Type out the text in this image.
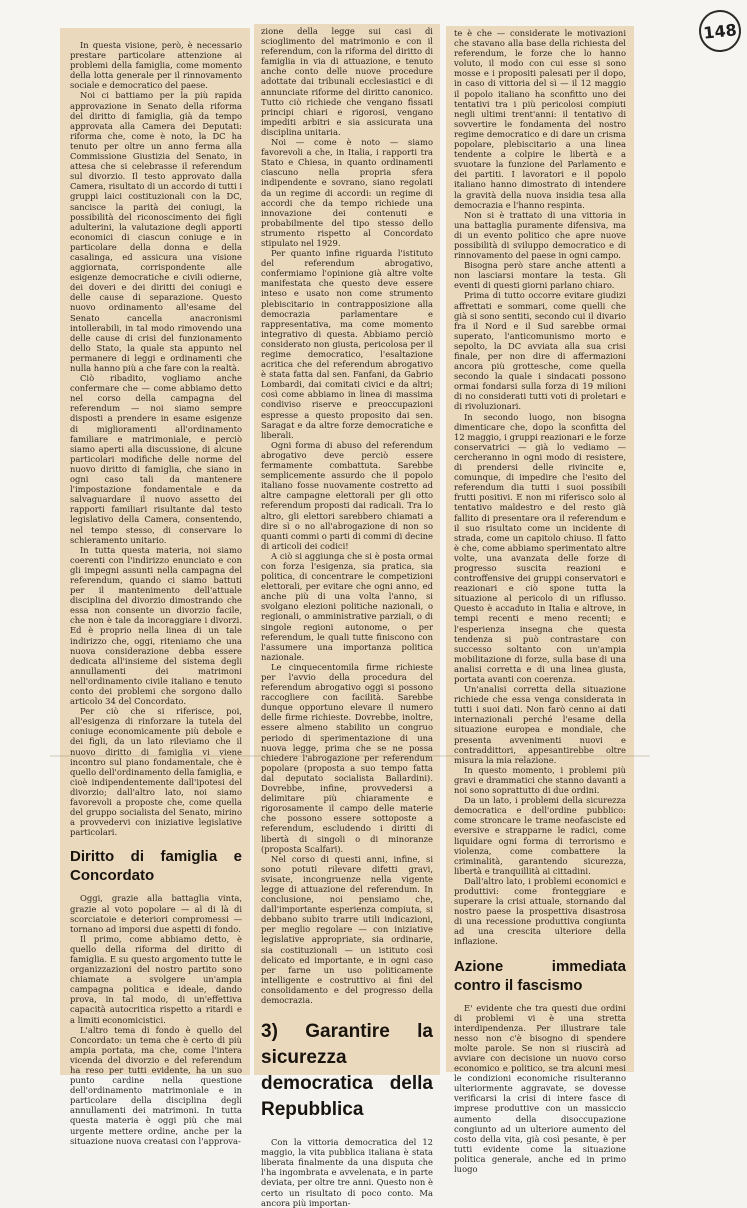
148

In questa visione, però, è necessario prestare particolare attenzione ai problemi della famiglia, come momento della lotta generale per il rinnovamento sociale e democratico del paese.

Noi ci battiamo per la più rapida approvazione in Senato della riforma del diritto di famiglia, già da tempo approvata alla Camera dei Deputati: riforma che, come è noto, la DC ha tenuto per oltre un anno ferma alla Commissione Giustizia del Senato, in attesa che si celebrasse il referendum sul divorzio. Il testo approvato dalla Camera, risultato di un accordo di tutti i gruppi laici costituzionali con la DC, sancisce la parità dei coniugi, la possibilità del riconoscimento dei figli adulterini, la valutazione degli apporti economici di ciascun coniuge e in particolare della donna e della casalinga, ed assicura una visione aggiornata, corrispondente alle esigenze democratiche e civili odierne, dei doveri e dei diritti dei coniugi e delle cause di separazione. Questo nuovo ordinamento all'esame del Senato cancella anacronismi intollerabili, in tal modo rimovendo una delle cause di crisi del funzionamento dello Stato, la quale sta appunto nel permanere di leggi e ordinamenti che nulla hanno più a che fare con la realtà.

Ciò ribadito, vogliamo anche confermare che — come abbiamo detto nel corso della campagna del referendum — noi siamo sempre disposti a prendere in esame esigenze di miglioramenti all'ordinamento familiare e matrimoniale, e perciò siamo aperti alla discussione, di alcune particolari modifiche delle norme del nuovo diritto di famiglia, che siano in ogni caso tali da mantenere l'impostazione fondamentale e da salvaguardare il nuovo assetto dei rapporti familiari risultante dal testo legislativo della Camera, consentendo, nel tempo stesso, di conservare lo schieramento unitario.

In tutta questa materia, noi siamo coerenti con l'indirizzo enunciato e con gli impegni assunti nella campagna del referendum, quando ci siamo battuti per il mantenimento dell'attuale disciplina del divorzio dimostrando che essa non consente un divorzio facile, che non è tale da incoraggiare i divorzi. Ed è proprio nella linea di un tale indirizzo che, oggi, riteniamo che una nuova considerazione debba essere dedicata all'insieme del sistema degli annullamenti dei matrimoni nell'ordinamento civile italiano e tenuto conto dei problemi che sorgono dallo articolo 34 del Concordato.

Per ciò che si riferisce, poi, all'esigenza di rinforzare la tutela del coniuge economicamente più debole e dei figli, da un lato rileviamo che il nuovo diritto di famiglia vi viene incontro sul piano fondamentale, che è quello dell'ordinamento della famiglia, e cioè indipendentemente dall'ipotesi del divorzio; dall'altro lato, noi siamo favorevoli a proposte che, come quella del gruppo socialista del Senato, mirino a provvedervi con iniziative legislative particolari.

Diritto di famiglia e Concordato

Oggi, grazie alla battaglia vinta, grazie al voto popolare — al di là di scorciatoie e deteriori compromessi — tornano ad imporsi due aspetti di fondo.

Il primo, come abbiamo detto, è quello della riforma del diritto di famiglia. E su questo argomento tutte le organizzazioni del nostro partito sono chiamate a svolgere un'ampia campagna politica e ideale, dando prova, in tal modo, di un'effettiva capacità autocritica rispetto a ritardi e a limiti economicistici.

L'altro tema di fondo è quello del Concordato: un tema che è certo di più ampia portata, ma che, come l'intera vicenda del divorzio e del referendum ha reso per tutti evidente, ha un suo punto cardine nella questione dell'ordinamento matrimoniale e in particolare della disciplina degli annullamenti dei matrimoni. In tutta questa materia è oggi più che mai urgente mettere ordine, anche per la situazione nuova creatasi con l'approva-

zione della legge sui casi di scioglimento del matrimonio e con il referendum, con la riforma del diritto di famiglia in via di attuazione, e tenuto anche conto delle nuove procedure adottate dai tribunali ecclesiastici e di annunciate riforme del diritto canonico. Tutto ciò richiede che vengano fissati principi chiari e rigorosi, vengano impediti arbitri e sia assicurata una disciplina unitaria.

Noi — come è noto — siamo favorevoli a che, in Italia, i rapporti tra Stato e Chiesa, in quanto ordinamenti ciascuno nella propria sfera indipendente e sovrano, siano regolati da un regime di accordi: un regime di accordi che da tempo richiede una innovazione dei contenuti e probabilmente del tipo stesso dello strumento rispetto al Concordato stipulato nel 1929.

Per quanto infine riguarda l'istituto del referendum abrogativo, confermiamo l'opinione già altre volte manifestata che questo deve essere inteso e usato non come strumento plebiscitario in contrapposizione alla democrazia parlamentare e rappresentativa, ma come momento integrativo di questa. Abbiamo perciò considerato non giusta, pericolosa per il regime democratico, l'esaltazione acritica che del referendum abrogativo è stata fatta dal sen. Fanfani, da Gabrio Lombardi, dai comitati civici e da altri; così come abbiamo in linea di massima condiviso riserve e preoccupazioni espresse a questo proposito dai sen. Saragat e da altre forze democratiche e liberali.

Ogni forma di abuso del referendum abrogativo deve perciò essere fermamente combattuta. Sarebbe semplicemente assurdo che il popolo italiano fosse nuovamente costretto ad altre campagne elettorali per gli otto referendum proposti dai radicali. Tra lo altro, gli elettori sarebbero chiamati a dire sì o no all'abrogazione di non so quanti commi o parti di commi di decine di articoli dei codici!

A ciò si aggiunga che si è posta ormai con forza l'esigenza, sia pratica, sia politica, di concentrare le competizioni elettorali, per evitare che ogni anno, ed anche più di una volta l'anno, si svolgano elezioni politiche nazionali, o regionali, o amministrative parziali, o di singole regioni autonome, o per referendum, le quali tutte finiscono con l'assumere una importanza politica nazionale.

Le cinquecentomila firme richieste per l'avvio della procedura del referendum abrogativo oggi si possono raccogliere con facilità. Sarebbe dunque opportuno elevare il numero delle firme richieste. Dovrebbe, inoltre, essere almeno stabilito un congruo periodo di sperimentazione di una nuova legge, prima che se ne possa chiedere l'abrogazione per referendum popolare (proposta a suo tempo fatta dal deputato socialista Ballardini). Dovrebbe, infine, provvedersi a delimitare più chiaramente e rigorosamente il campo delle materie che possono essere sottoposte a referendum, escludendo i diritti di libertà di singoli o di minoranze (proposta Scalfari).

Nel corso di questi anni, infine, si sono potuti rilevare difetti gravi, svisate, incongruenze nella vigente legge di attuazione del referendum. In conclusione, noi pensiamo che, dall'importante esperienza compiuta, si debbano subito trarre utili indicazioni, per meglio regolare — con iniziative legislative appropriate, sia ordinarie, sia costituzionali — un istituto così delicato ed importante, e in ogni caso per farne un uso politicamente intelligente e costruttivo ai fini del consolidamento e del progresso della democrazia.

3) Garantire la sicurezza democratica della Repubblica

Con la vittoria democratica del 12 maggio, la vita pubblica italiana è stata liberata finalmente da una disputa che l'ha ingombrata e avvelenata, e in parte deviata, per oltre tre anni. Questo non è certo un risultato di poco conto. Ma ancora più importan-

te è che — considerate le motivazioni che stavano alla base della richiesta del referendum, le forze che lo hanno voluto, il modo con cui esse si sono mosse e i propositi palesati per il dopo, in caso di vittoria del sì — il 12 maggio il popolo italiano ha sconfitto uno dei tentativi tra i più pericolosi compiuti negli ultimi trent'anni: il tentativo di sovvertire le fondamenta del nostro regime democratico e di dare un crisma popolare, plebiscitario a una linea tendente a colpire le libertà e a svuotare la funzione del Parlamento e dei partiti. I lavoratori e il popolo italiano hanno dimostrato di intendere la gravità della nuova insidia tesa alla democrazia e l'hanno respinta.

Non si è trattato di una vittoria in una battaglia puramente difensiva, ma di un evento politico che apre nuove possibilità di sviluppo democratico e di rinnovamento del paese in ogni campo.

Bisogna però stare anche attenti a non lasciarsi montare la testa. Gli eventi di questi giorni parlano chiaro.

Prima di tutto occorre evitare giudizi affrettati e sommari, come quelli che già si sono sentiti, secondo cui il divario fra il Nord e il Sud sarebbe ormai superato, l'anticomunismo morto e sepolto, la DC avviata alla sua crisi finale, per non dire di affermazioni ancora più grottesche, come quella secondo la quale i sindacati possono ormai fondarsi sulla forza di 19 milioni di no considerati tutti voti di proletari e di rivoluzionari.

In secondo luogo, non bisogna dimenticare che, dopo la sconfitta del 12 maggio, i gruppi reazionari e le forze conservatrici — già lo vediamo — cercheranno in ogni modo di resistere, di prendersi delle rivincite e, comunque, di impedire che l'esito del referendum dia tutti i suoi possibili frutti positivi. E non mi riferisco solo al tentativo maldestro e del resto già fallito di presentare ora il referendum e il suo risultato come un incidente di strada, come un capitolo chiuso. Il fatto è che, come abbiamo sperimentato altre volte, una avanzata delle forze di progresso suscita reazioni e controffensive dei gruppi conservatori e reazionari e ciò spone tutta la situazione al pericolo di un riflusso. Questo è accaduto in Italia e altrove, in tempi recenti e meno recenti; e l'esperienza insegna che questa tendenza si può contrastare con successo soltanto con un'ampia mobilitazione di forze, sulla base di una analisi corretta e di una linea giusta, portata avanti con coerenza.

Un'analisi corretta della situazione richiede che essa venga considerata in tutti i suoi dati. Non farò cenno ai dati internazionali perché l'esame della situazione europea e mondiale, che presenta avvenimenti nuovi e contraddittori, appesantirebbe oltre misura la mia relazione.

In questo momento, i problemi più gravi e drammatici che stanno davanti a noi sono soprattutto di due ordini.

Da un lato, i problemi della sicurezza democratica e dell'ordine pubblico: come stroncare le trame neofasciste ed eversive e strapparne le radici, come liquidare ogni forma di terrorismo e violenza, come combattere la criminalità, garantendo sicurezza, libertà e tranquillità ai cittadini.

Dall'altro lato, i problemi economici e produttivi: come fronteggiare e superare la crisi attuale, stornando dal nostro paese la prospettiva disastrosa di una recessione produttiva congiunta ad una crescita ulteriore della inflazione.

Azione immediata contro il fascismo

E' evidente che tra questi due ordini di problemi vi è una stretta interdipendenza. Per illustrare tale nesso non c'è bisogno di spendere molte parole. Se non si riuscirà ad avviare con decisione un nuovo corso economico e politico, se tra alcuni mesi le condizioni economiche risulteranno ulteriormente aggravate, se dovesse verificarsi la crisi di intere fasce di imprese produttive con un massiccio aumento della disoccupazione congiunto ad un ulteriore aumento del costo della vita, già così pesante, è per tutti evidente come la situazione politica generale, anche ed in primo luogo
